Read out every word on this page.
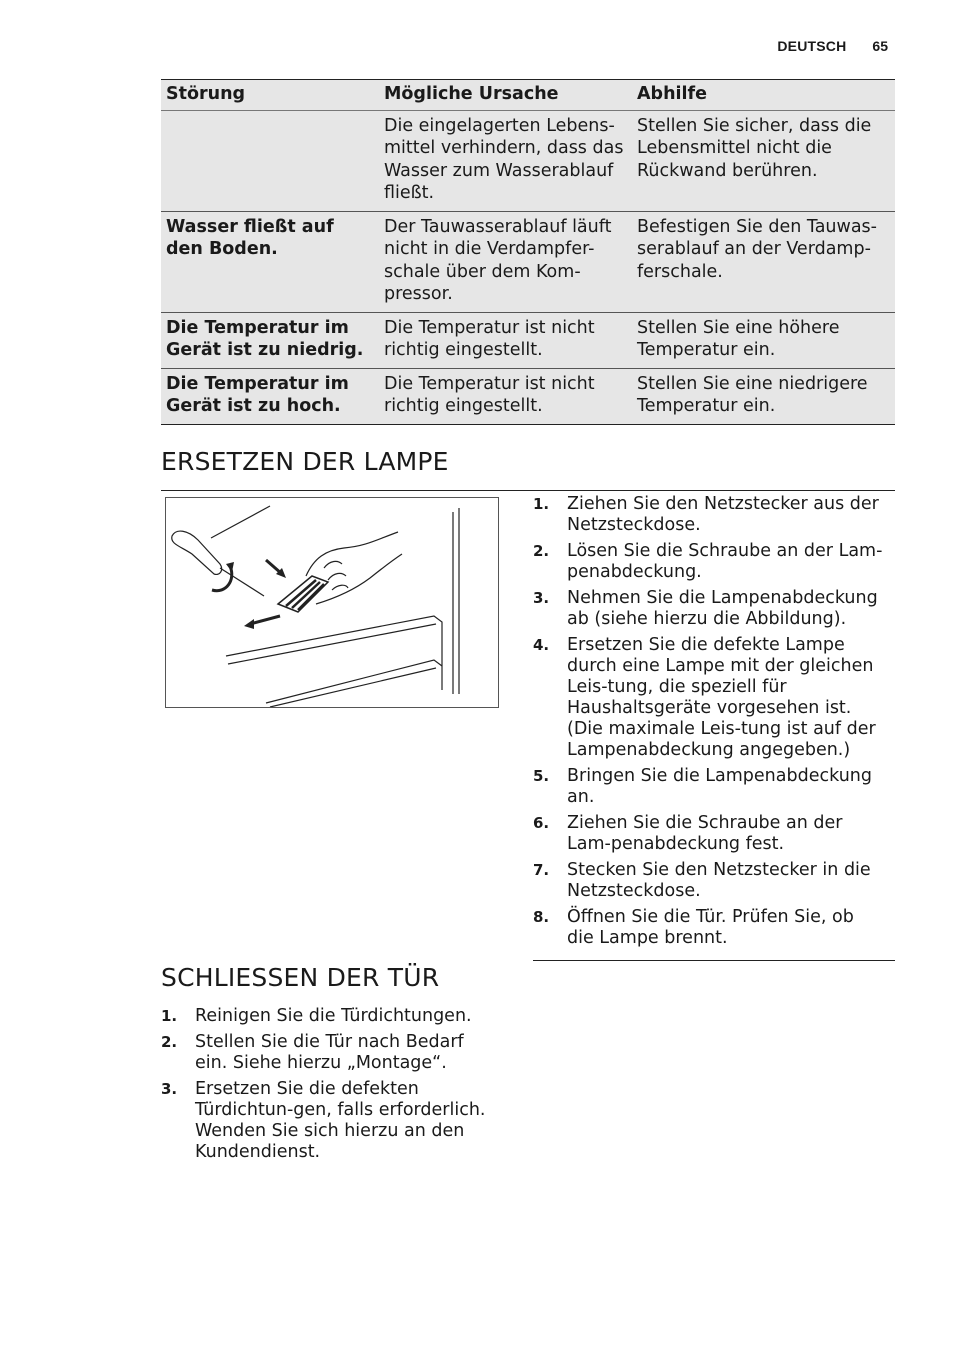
DEUTSCH 65
Störung	Mögliche Ursache	Abhilfe
	Die eingelagerten Lebens-mittel verhindern, dass das Wasser zum Wasserablauf fließt.	Stellen Sie sicher, dass die Lebensmittel nicht die Rückwand berühren.
Wasser fließt auf den Boden.	Der Tauwasserablauf läuft nicht in die Verdampfer-schale über dem Kom-pressor.	Befestigen Sie den Tauwas-serablauf an der Verdamp-ferschale.
Die Temperatur im Gerät ist zu niedrig.	Die Temperatur ist nicht richtig eingestellt.	Stellen Sie eine höhere Temperatur ein.
Die Temperatur im Gerät ist zu hoch.	Die Temperatur ist nicht richtig eingestellt.	Stellen Sie eine niedrigere Temperatur ein.
ERSETZEN DER LAMPE
1. Ziehen Sie den Netzstecker aus der Netzsteckdose.
2. Lösen Sie die Schraube an der Lam-penabdeckung.
3. Nehmen Sie die Lampenabdeckung ab (siehe hierzu die Abbildung).
4. Ersetzen Sie die defekte Lampe durch eine Lampe mit der gleichen Leis-tung, die speziell für Haushaltsgeräte vorgesehen ist. (Die maximale Leis-tung ist auf der Lampenabdeckung angegeben.)
5. Bringen Sie die Lampenabdeckung an.
6. Ziehen Sie die Schraube an der Lam-penabdeckung fest.
7. Stecken Sie den Netzstecker in die Netzsteckdose.
8. Öffnen Sie die Tür. Prüfen Sie, ob die Lampe brennt.
SCHLIESSEN DER TÜR
1. Reinigen Sie die Türdichtungen.
2. Stellen Sie die Tür nach Bedarf ein. Siehe hierzu „Montage“.
3. Ersetzen Sie die defekten Türdichtun-gen, falls erforderlich. Wenden Sie sich hierzu an den Kundendienst.
